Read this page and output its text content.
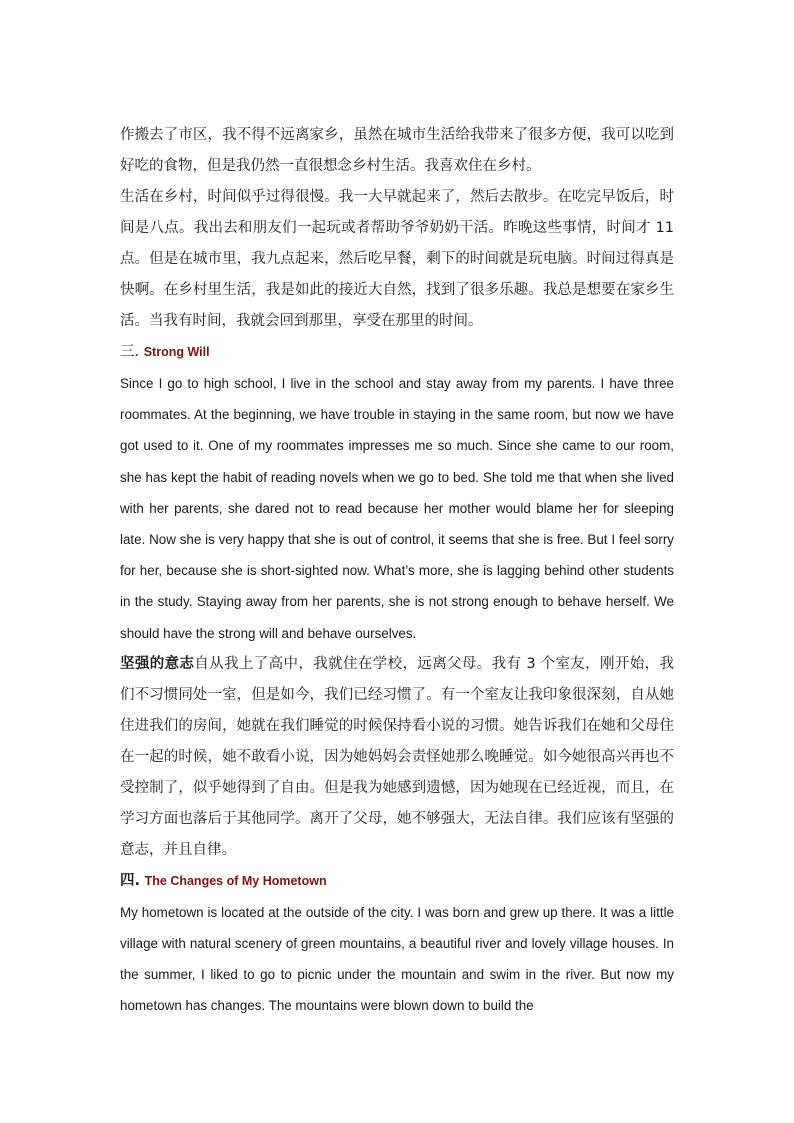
作搬去了市区，我不得不远离家乡，虽然在城市生活给我带来了很多方便，我可以吃到好吃的食物，但是我仍然一直很想念乡村生活。我喜欢住在乡村。

生活在乡村，时间似乎过得很慢。我一大早就起来了，然后去散步。在吃完早饭后，时间是八点。我出去和朋友们一起玩或者帮助爷爷奶奶干活。昨晚这些事情，时间才 11 点。但是在城市里，我九点起来，然后吃早餐，剩下的时间就是玩电脑。时间过得真是快啊。在乡村里生活，我是如此的接近大自然，找到了很多乐趣。我总是想要在家乡生活。当我有时间，我就会回到那里，享受在那里的时间。

三. Strong Will

Since I go to high school, I live in the school and stay away from my parents. I have three roommates. At the beginning, we have trouble in staying in the same room, but now we have got used to it. One of my roommates impresses me so much. Since she came to our room, she has kept the habit of reading novels when we go to bed. She told me that when she lived with her parents, she dared not to read because her mother would blame her for sleeping late. Now she is very happy that she is out of control, it seems that she is free. But I feel sorry for her, because she is short-sighted now. What’s more, she is lagging behind other students in the study. Staying away from her parents, she is not strong enough to behave herself. We should have the strong will and behave ourselves.

坚强的意志自从我上了高中，我就住在学校，远离父母。我有 3 个室友，刚开始，我们不习惯同处一室，但是如今，我们已经习惯了。有一个室友让我印象很深刻，自从她住进我们的房间，她就在我们睡觉的时候保持看小说的习惯。她告诉我们在她和父母住在一起的时候，她不敢看小说，因为她妈妈会责怪她那么晚睡觉。如今她很高兴再也不受控制了，似乎她得到了自由。但是我为她感到遗憾，因为她现在已经近视，而且，在学习方面也落后于其他同学。离开了父母，她不够强大，无法自律。我们应该有坚强的意志，并且自律。

四. The Changes of My Hometown

My hometown is located at the outside of the city. I was born and grew up there. It was a little village with natural scenery of green mountains, a beautiful river and lovely village houses. In the summer, I liked to go to picnic under the mountain and swim in the river. But now my hometown has changes. The mountains were blown down to build the
